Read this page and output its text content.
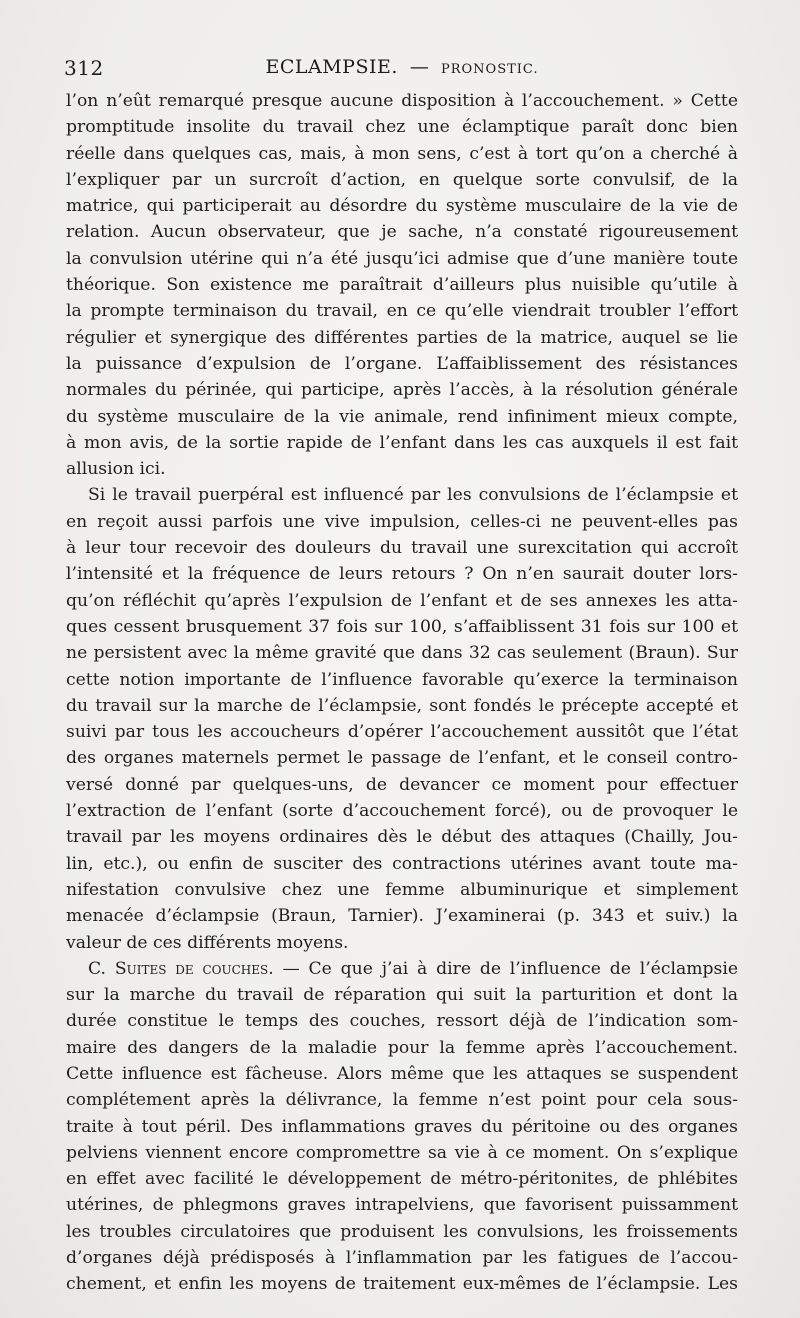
312	ECLAMPSIE. — PRONOSTIC.
l’on n’eût remarqué presque aucune disposition à l’accouchement. » Cette
promptitude insolite du travail chez une éclamptique paraît donc bien
réelle dans quelques cas, mais, à mon sens, c’est à tort qu’on a cherché à
l’expliquer par un surcroît d’action, en quelque sorte convulsif, de la
matrice, qui participerait au désordre du système musculaire de la vie de
relation. Aucun observateur, que je sache, n’a constaté rigoureusement
la convulsion utérine qui n’a été jusqu’ici admise que d’une manière toute
théorique. Son existence me paraîtrait d’ailleurs plus nuisible qu’utile à
la prompte terminaison du travail, en ce qu’elle viendrait troubler l’effort
régulier et synergique des différentes parties de la matrice, auquel se lie
la puissance d’expulsion de l’organe. L’affaiblissement des résistances
normales du périnée, qui participe, après l’accès, à la résolution générale
du système musculaire de la vie animale, rend infiniment mieux compte,
à mon avis, de la sortie rapide de l’enfant dans les cas auxquels il est fait
allusion ici.
Si le travail puerpéral est influencé par les convulsions de l’éclampsie et
en reçoit aussi parfois une vive impulsion, celles-ci ne peuvent-elles pas
à leur tour recevoir des douleurs du travail une surexcitation qui accroît
l’intensité et la fréquence de leurs retours ? On n’en saurait douter lors-
qu’on réfléchit qu’après l’expulsion de l’enfant et de ses annexes les atta-
ques cessent brusquement 37 fois sur 100, s’affaiblissent 31 fois sur 100 et
ne persistent avec la même gravité que dans 32 cas seulement (Braun). Sur
cette notion importante de l’influence favorable qu’exerce la terminaison
du travail sur la marche de l’éclampsie, sont fondés le précepte accepté et
suivi par tous les accoucheurs d’opérer l’accouchement aussitôt que l’état
des organes maternels permet le passage de l’enfant, et le conseil contro-
versé donné par quelques-uns, de devancer ce moment pour effectuer
l’extraction de l’enfant (sorte d’accouchement forcé), ou de provoquer le
travail par les moyens ordinaires dès le début des attaques (Chailly, Jou-
lin, etc.), ou enfin de susciter des contractions utérines avant toute ma-
nifestation convulsive chez une femme albuminurique et simplement
menacée d’éclampsie (Braun, Tarnier). J’examinerai (p. 343 et suiv.) la
valeur de ces différents moyens.
C. Suites de couches. — Ce que j’ai à dire de l’influence de l’éclampsie
sur la marche du travail de réparation qui suit la parturition et dont la
durée constitue le temps des couches, ressort déjà de l’indication som-
maire des dangers de la maladie pour la femme après l’accouchement.
Cette influence est fâcheuse. Alors même que les attaques se suspendent
complétement après la délivrance, la femme n’est point pour cela sous-
traite à tout péril. Des inflammations graves du péritoine ou des organes
pelviens viennent encore compromettre sa vie à ce moment. On s’explique
en effet avec facilité le développement de métro-péritonites, de phlébites
utérines, de phlegmons graves intrapelviens, que favorisent puissamment
les troubles circulatoires que produisent les convulsions, les froissements
d’organes déjà prédisposés à l’inflammation par les fatigues de l’accou-
chement, et enfin les moyens de traitement eux-mêmes de l’éclampsie. Les
